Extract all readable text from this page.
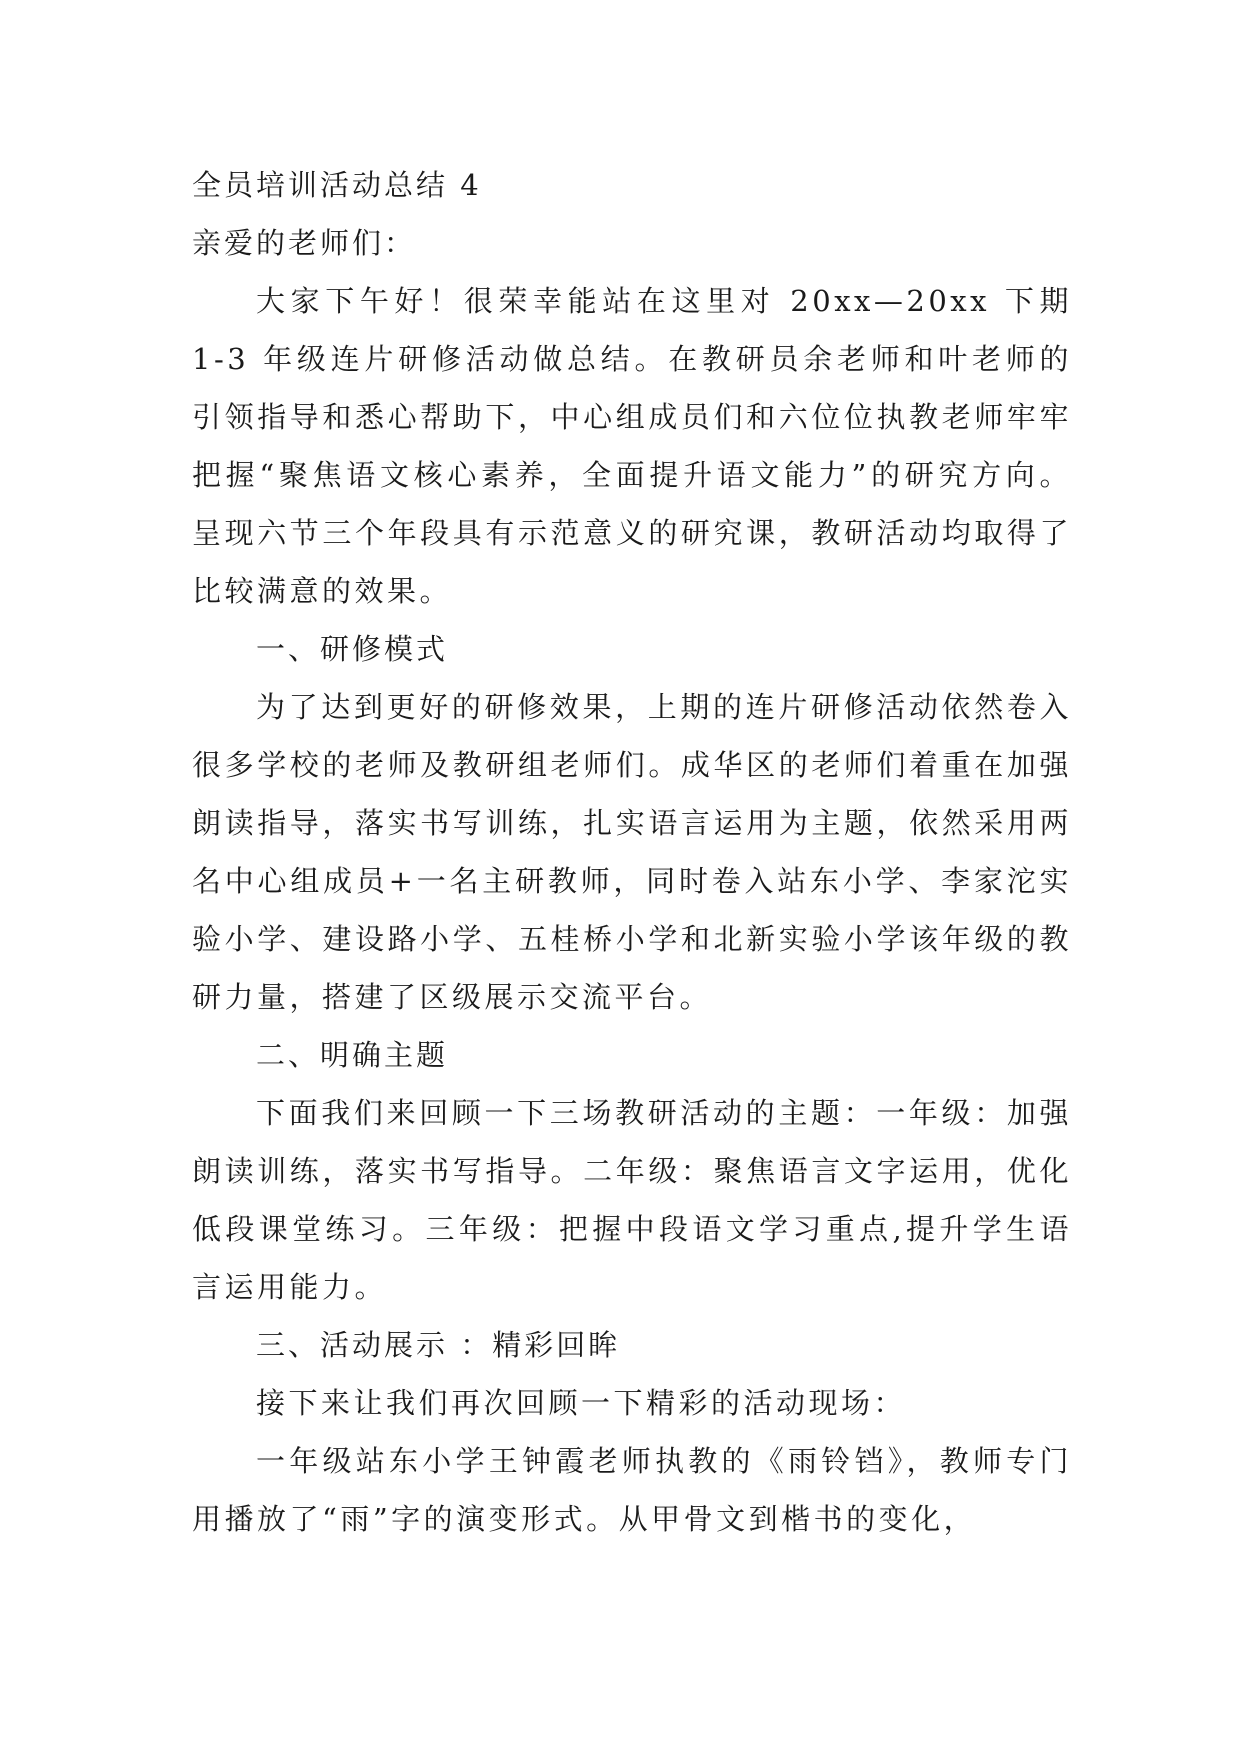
全员培训活动总结 4
亲爱的老师们：

大家下午好！很荣幸能站在这里对 20xx—20xx 下期 1-3 年级连片研修活动做总结。在教研员余老师和叶老师的引领指导和悉心帮助下，中心组成员们和六位位执教老师牢牢把握“聚焦语文核心素养，全面提升语文能力”的研究方向。呈现六节三个年段具有示范意义的研究课，教研活动均取得了比较满意的效果。

一、研修模式

为了达到更好的研修效果，上期的连片研修活动依然卷入很多学校的老师及教研组老师们。成华区的老师们着重在加强朗读指导，落实书写训练，扎实语言运用为主题，依然采用两名中心组成员+一名主研教师，同时卷入站东小学、李家沱实验小学、建设路小学、五桂桥小学和北新实验小学该年级的教研力量，搭建了区级展示交流平台。

二、明确主题

下面我们来回顾一下三场教研活动的主题：一年级：加强朗读训练，落实书写指导。二年级：聚焦语言文字运用，优化低段课堂练习。三年级：把握中段语文学习重点,提升学生语言运用能力。

三、活动展示 ：精彩回眸

接下来让我们再次回顾一下精彩的活动现场：

一年级站东小学王钟霞老师执教的《雨铃铛》，教师专门用播放了“雨”字的演变形式。从甲骨文到楷书的变化，
